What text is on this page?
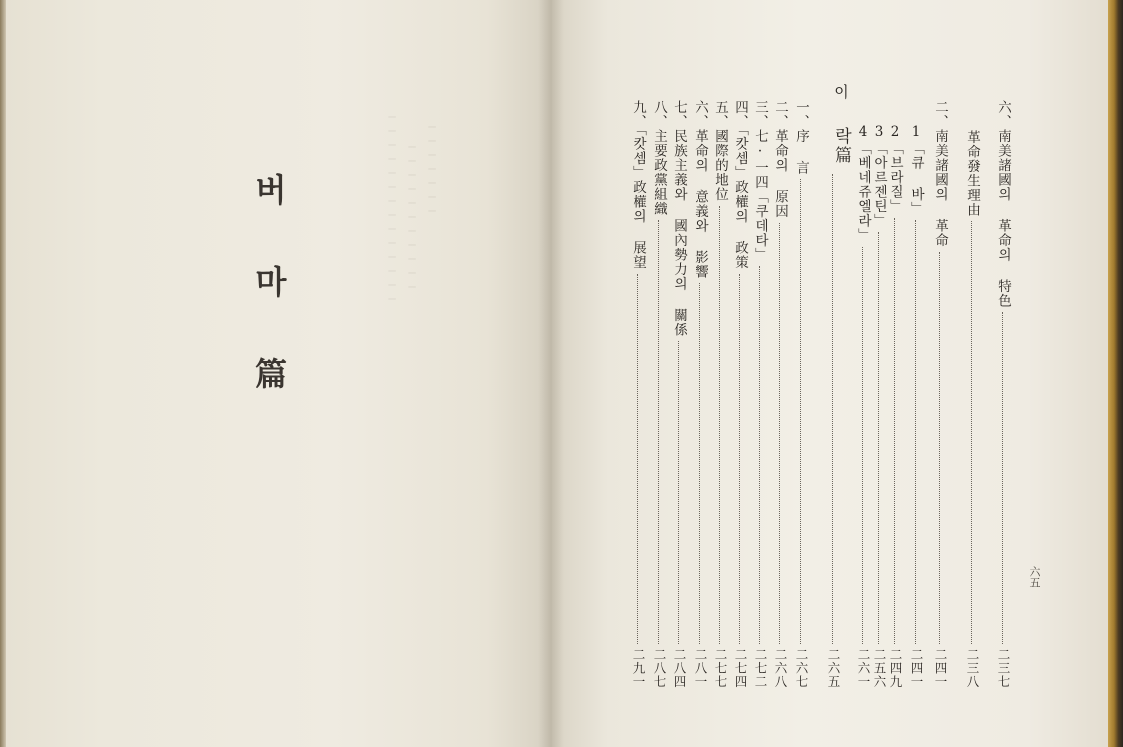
───────
───────────
──────────────
버
마
篇
이
락篇
六五
六、南美諸國의 革命의 特色
二三七
革命發生理由
二三八
二、南美諸國의 革命
二四一
1「큐 바」
二四一
2「브라질」
二四九
3「아르젠틴」
二五六
4「베네쥬엘라」
二六一
二六五
一、序 言
二六七
二、革命의 原因
二六八
三、七·一四「쿠데타」
二七二
四、「캇셈」政權의 政策
二七四
五、國際的地位
二七七
六、革命의 意義와 影響
二八一
七、民族主義와 國內勢力의 關係
二八四
八、主要政黨組織
二八七
九、「캇셈」政權의 展望
二九一
